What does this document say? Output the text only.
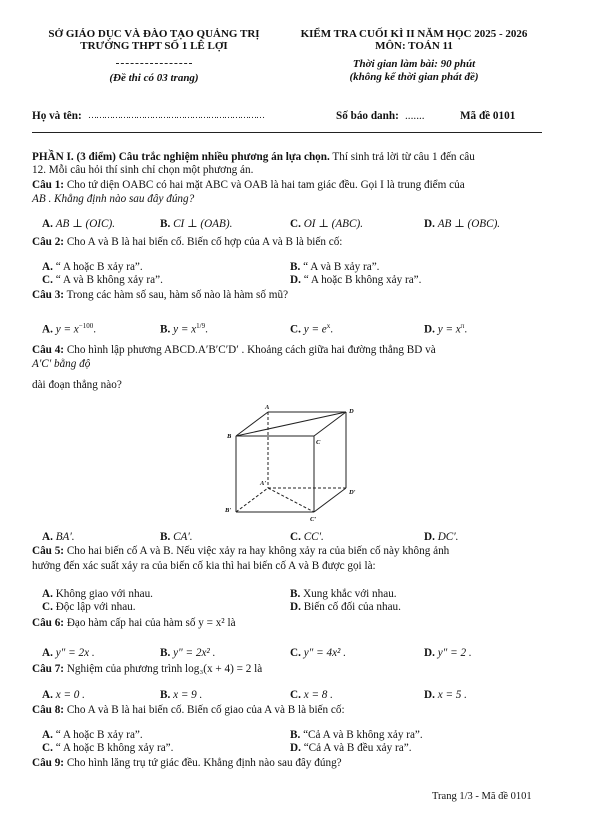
SỞ GIÁO DỤC VÀ ĐÀO TẠO QUẢNG TRỊ
TRƯỜNG THPT SỐ 1 LÊ LỢI
(Đề thi có 03 trang)
KIỂM TRA CUỐI KÌ II NĂM HỌC 2025 - 2026
MÔN: TOÁN 11
Thời gian làm bài: 90 phút
(không kể thời gian phát đề)
Họ và tên: …………………………………………………………	Số báo danh: .......	Mã đề 0101
PHẦN I. (3 điểm) Câu trắc nghiệm nhiều phương án lựa chọn. Thí sinh trả lời từ câu 1 đến câu
12. Mỗi câu hỏi thí sinh chỉ chọn một phương án.
Câu 1: Cho tứ diện OABC có hai mặt ABC và OAB là hai tam giác đều. Gọi I là trung điểm của
AB . Khẳng định nào sau đây đúng?
A. AB ⊥ (OIC).	B. CI ⊥ (OAB).	C. OI ⊥ (ABC).	D. AB ⊥ (OBC).
Câu 2: Cho A và B là hai biến cố. Biến cố hợp của A và B là biến cố:
A. “ A hoặc B xảy ra”.	B. “ A và B xảy ra”.
C. “ A và B không xảy ra”.	D. “ A hoặc B không xảy ra”.
Câu 3: Trong các hàm số sau, hàm số nào là hàm số mũ?
A. $y = x^{-100}$.	B. $y = x^{1/9}$.	C. $y = e^x$.	D. $y = x^\pi$.
Câu 4: Cho hình lập phương ABCD.A′B′C′D′ . Khoảng cách giữa hai đường thẳng BD và
A′C′ bằng độ
dài đoạn thẳng nào?
A
D
B
C
A′
D′
B′
C′
A. BA′.	B. CA′.	C. CC′.	D. DC′.
Câu 5: Cho hai biến cố A và B. Nếu việc xảy ra hay không xảy ra của biến cố này không ảnh
hưởng đến xác suất xảy ra của biến cố kia thì hai biến cố A và B được gọi là:
A. Không giao với nhau.	B. Xung khắc với nhau.
C. Độc lập với nhau.	D. Biến cố đối của nhau.
Câu 6: Đạo hàm cấp hai của hàm số y = x² là
A. y" = 2x .	B. y" = 2x² .	C. y" = 4x² .	D. y" = 2 .
Câu 7: Nghiệm của phương trình log₃(x + 4) = 2 là
A. x = 0 .	B. x = 9 .	C. x = 8 .	D. x = 5 .
Câu 8: Cho A và B là hai biến cố. Biến cố giao của A và B là biến cố:
A. “ A hoặc B xảy ra”.	B. “Cả A và B không xảy ra”.
C. “ A hoặc B không xảy ra”.	D. “Cả A và B đều xảy ra”.
Câu 9: Cho hình lăng trụ tứ giác đều. Khẳng định nào sau đây đúng?
Trang 1/3 - Mã đề 0101
